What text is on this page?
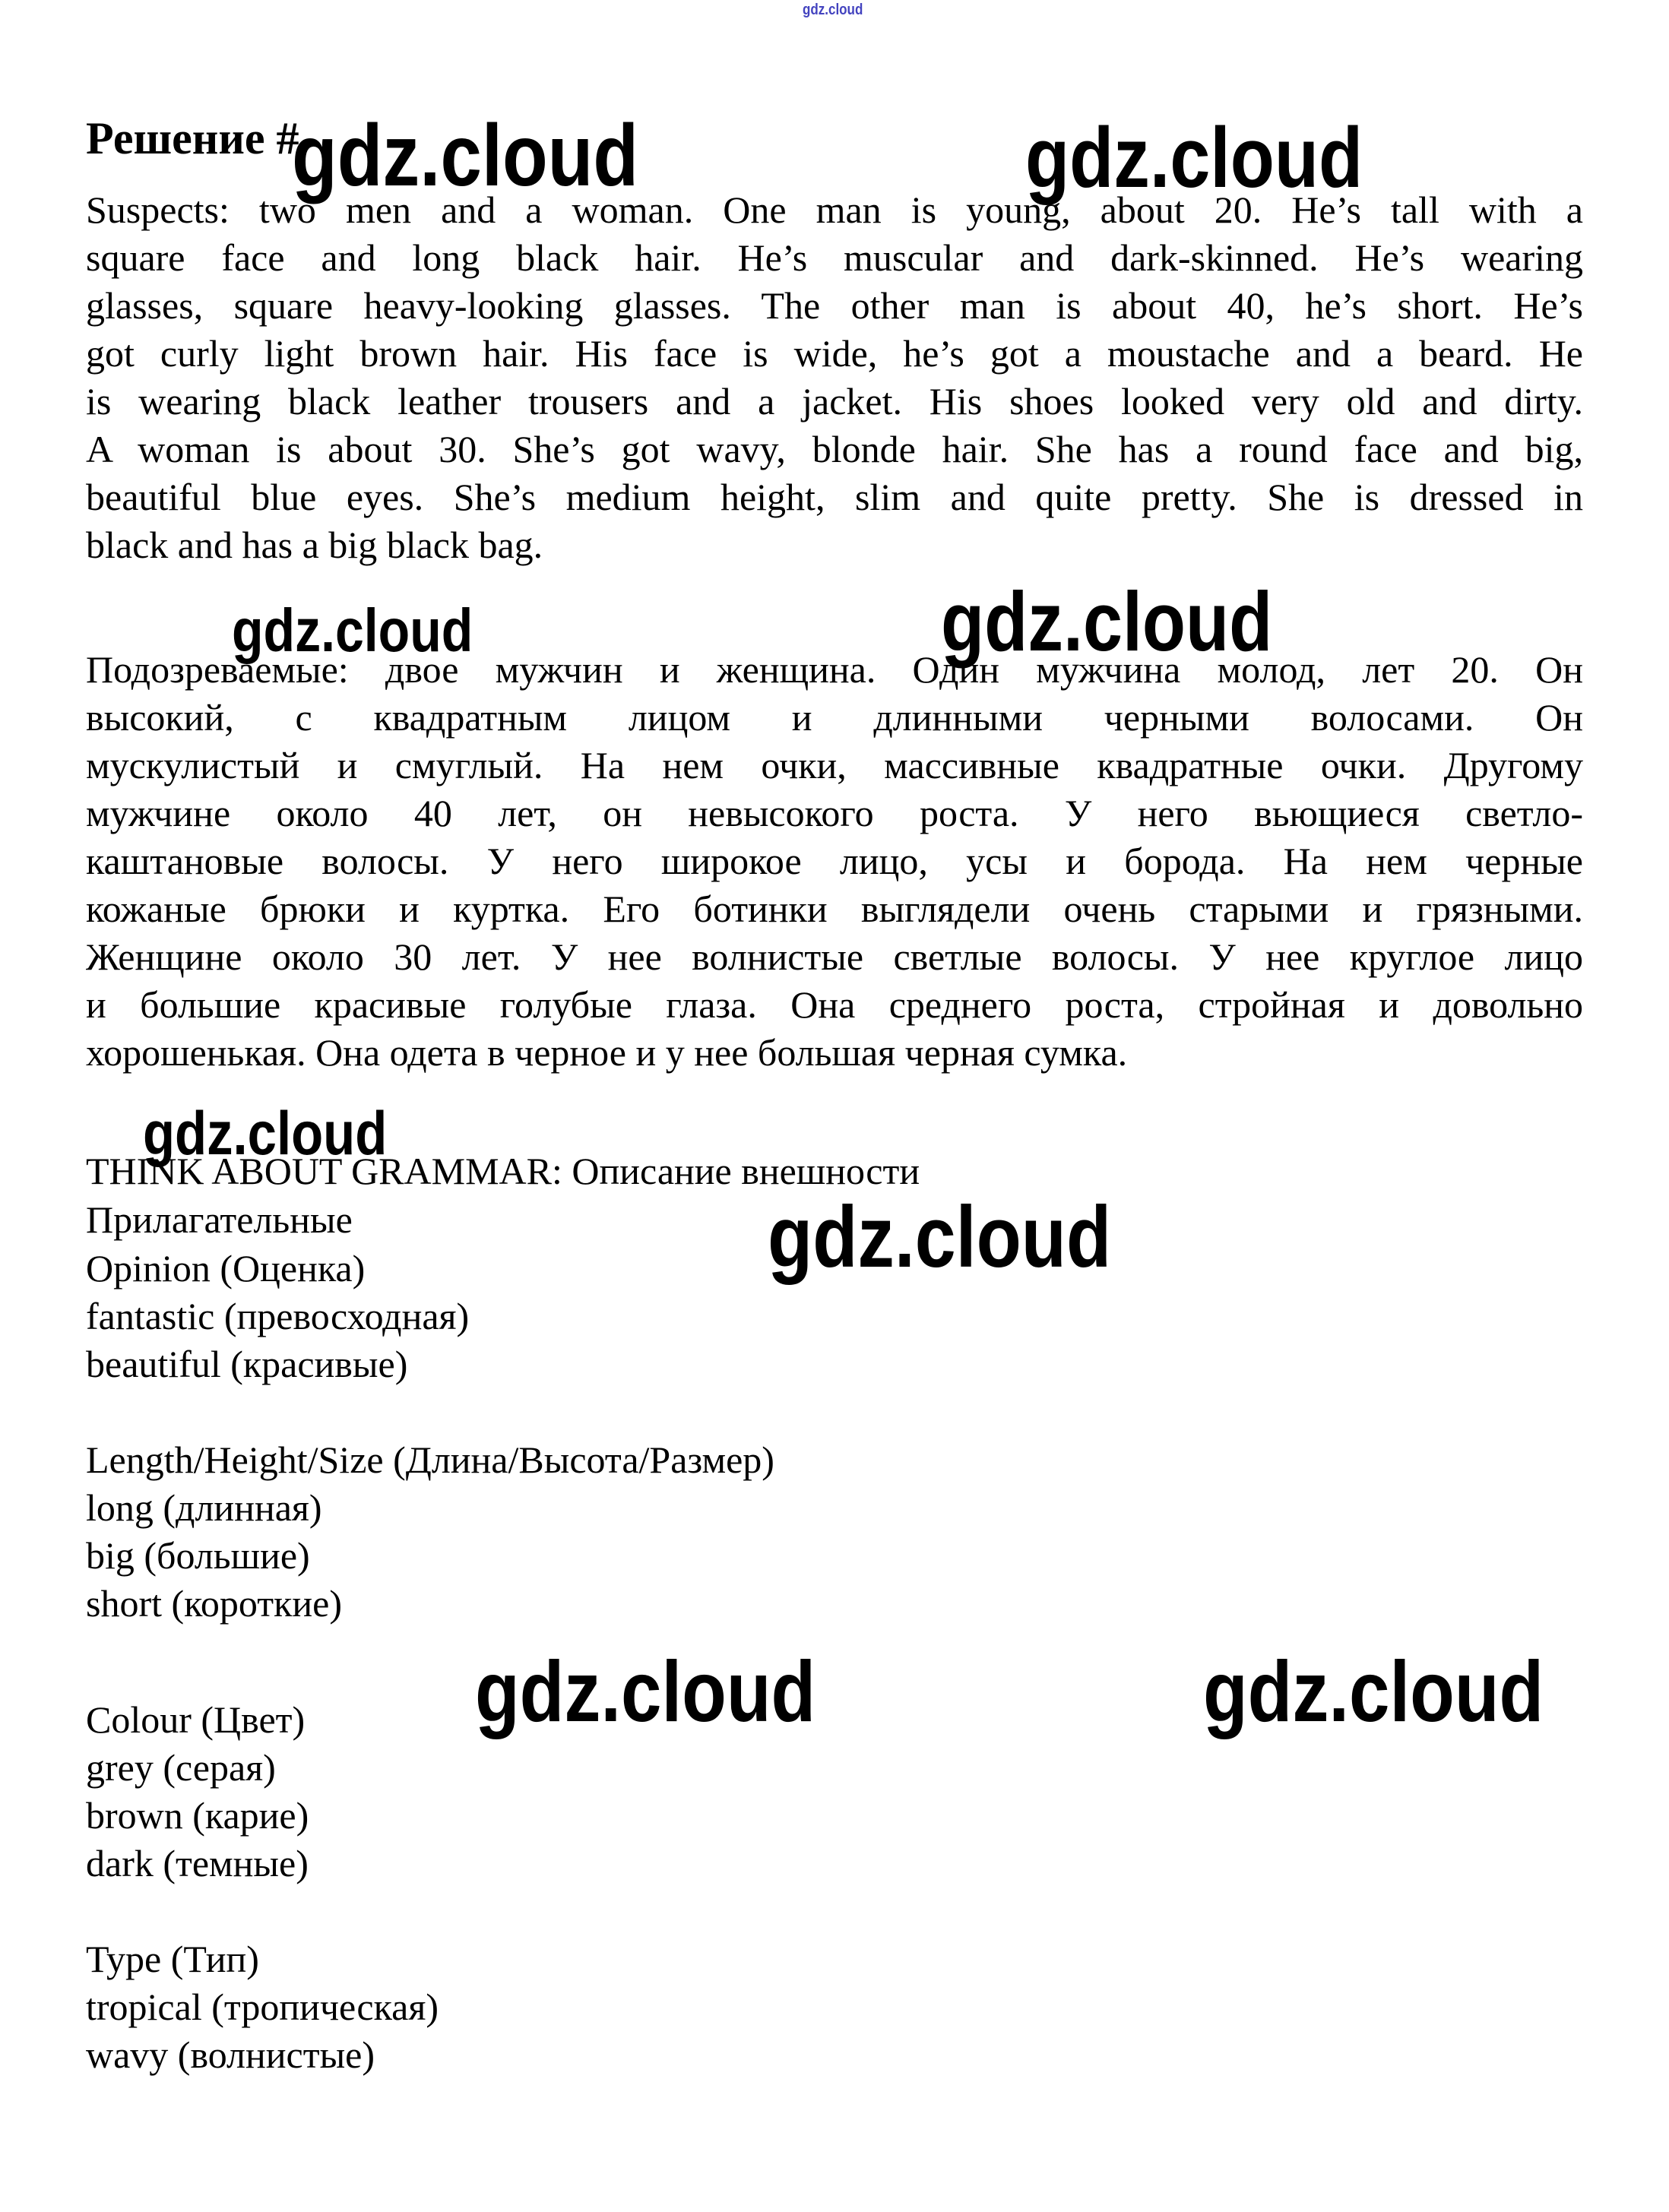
gdz.cloud
gdz.cloud	gdz.cloud
gdz.cloud	gdz.cloud
gdz.cloud
gdz.cloud
gdz.cloud	gdz.cloud
Решение #
Suspects: two men and a woman. One man is young, about 20. He’s tall with a
square face and long black hair. He’s muscular and dark-skinned. He’s wearing
glasses, square heavy-looking glasses. The other man is about 40, he’s short. He’s
got curly light brown hair. His face is wide, he’s got a moustache and a beard. He
is wearing black leather trousers and a jacket. His shoes looked very old and dirty.
A woman is about 30. She’s got wavy, blonde hair. She has a round face and big,
beautiful blue eyes. She’s medium height, slim and quite pretty. She is dressed in
black and has a big black bag.
Подозреваемые: двое мужчин и женщина. Один мужчина молод, лет 20. Он
высокий, с квадратным лицом и длинными черными волосами. Он
мускулистый и смуглый. На нем очки, массивные квадратные очки. Другому
мужчине около 40 лет, он невысокого роста. У него вьющиеся светло-
каштановые волосы. У него широкое лицо, усы и борода. На нем черные
кожаные брюки и куртка. Его ботинки выглядели очень старыми и грязными.
Женщине около 30 лет. У нее волнистые светлые волосы. У нее круглое лицо
и большие красивые голубые глаза. Она среднего роста, стройная и довольно
хорошенькая. Она одета в черное и у нее большая черная сумка.
THINK ABOUT GRAMMAR: Описание внешности
Прилагательные
Opinion (Оценка)
fantastic (превосходная)
beautiful (красивые)
Length/Height/Size (Длина/Высота/Размер)
long (длинная)
big (большие)
short (короткие)
Colour (Цвет)
grey (серая)
brown (карие)
dark (темные)
Type (Тип)
tropical (тропическая)
wavy (волнистые)
